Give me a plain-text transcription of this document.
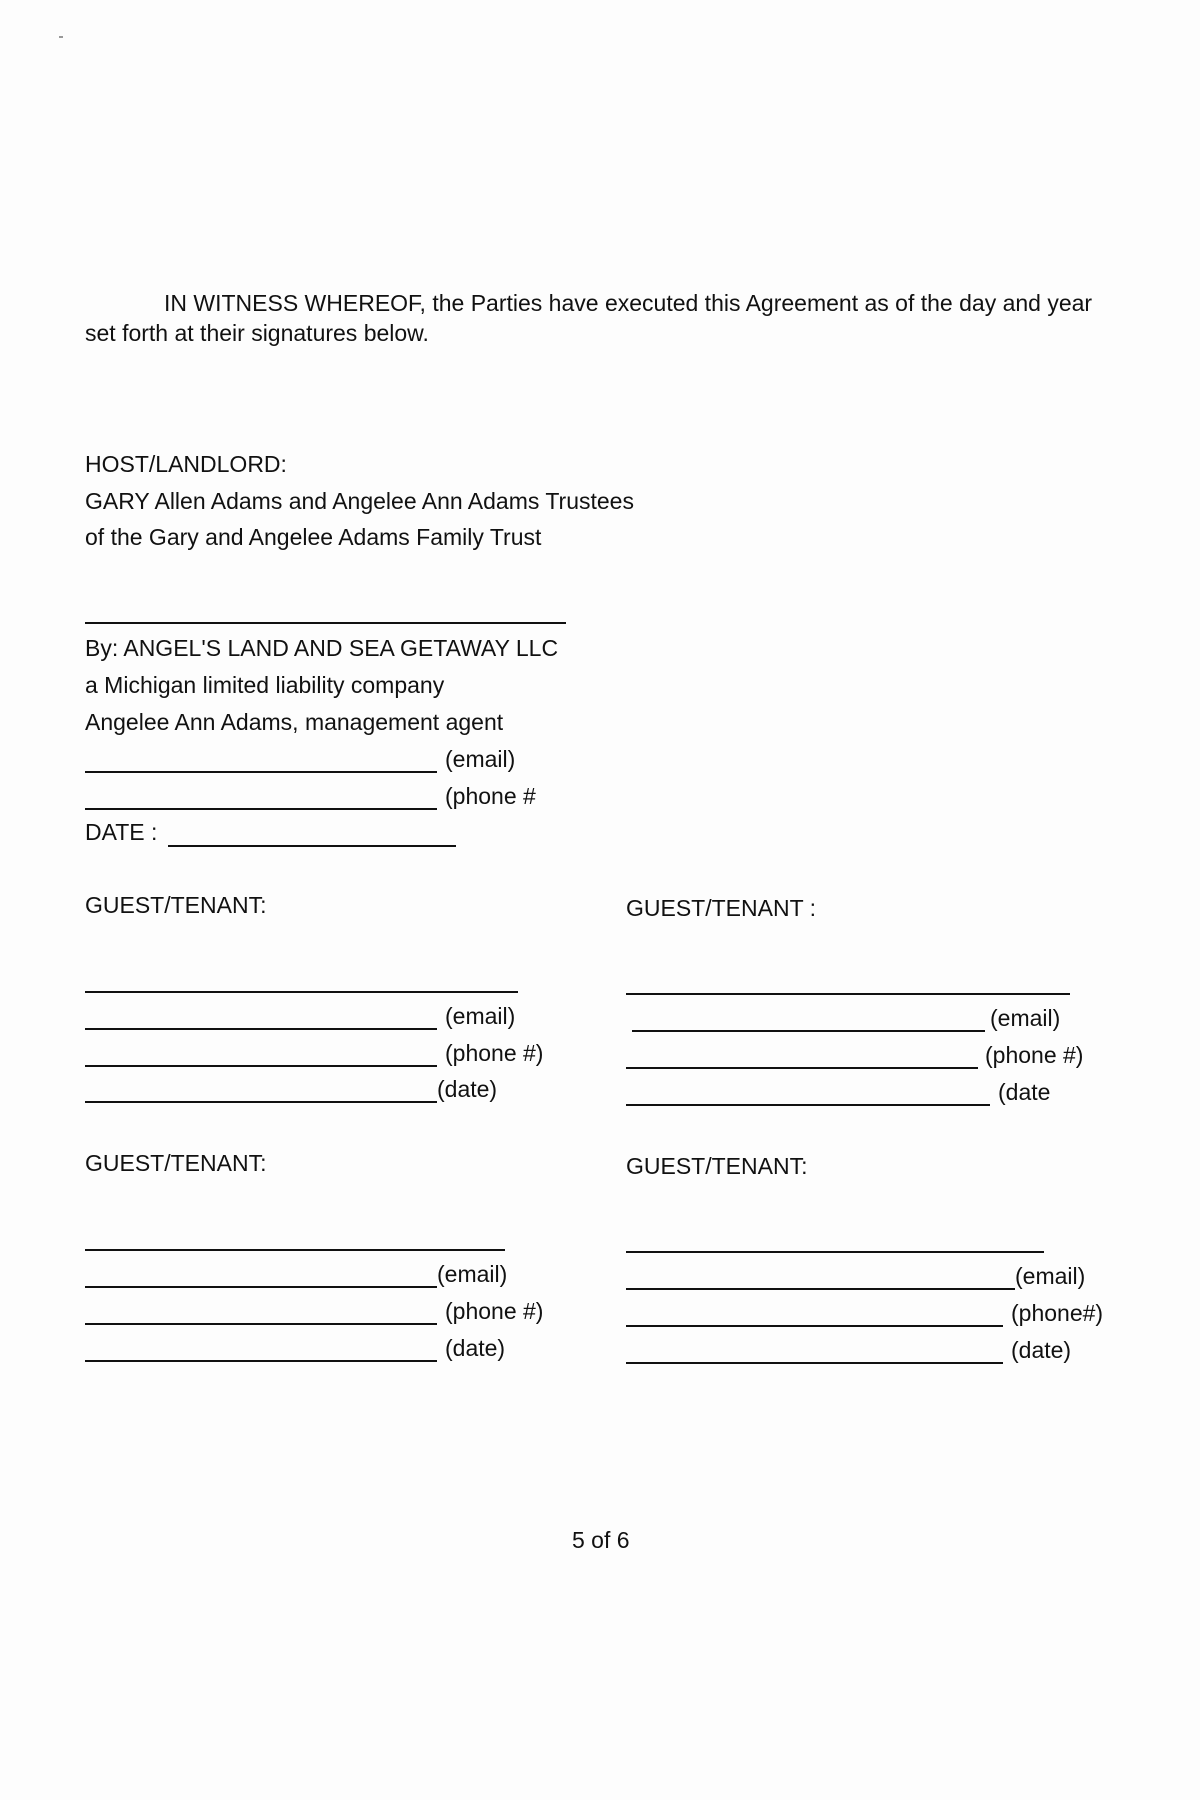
IN WITNESS WHEREOF, the Parties have executed this Agreement as of the day and year
set forth at their signatures below.
HOST/LANDLORD:
GARY Allen Adams and Angelee Ann Adams Trustees
of the Gary and Angelee Adams Family Trust
By: ANGEL'S LAND AND SEA GETAWAY LLC
a Michigan limited liability company
Angelee Ann Adams, management agent
(email)
(phone #
DATE :
GUEST/TENANT:
(email)
(phone #)
(date)
GUEST/TENANT :
(email)
(phone #)
(date
GUEST/TENANT:
(email)
(phone #)
(date)
GUEST/TENANT:
(email)
(phone#)
(date)
5 of 6
